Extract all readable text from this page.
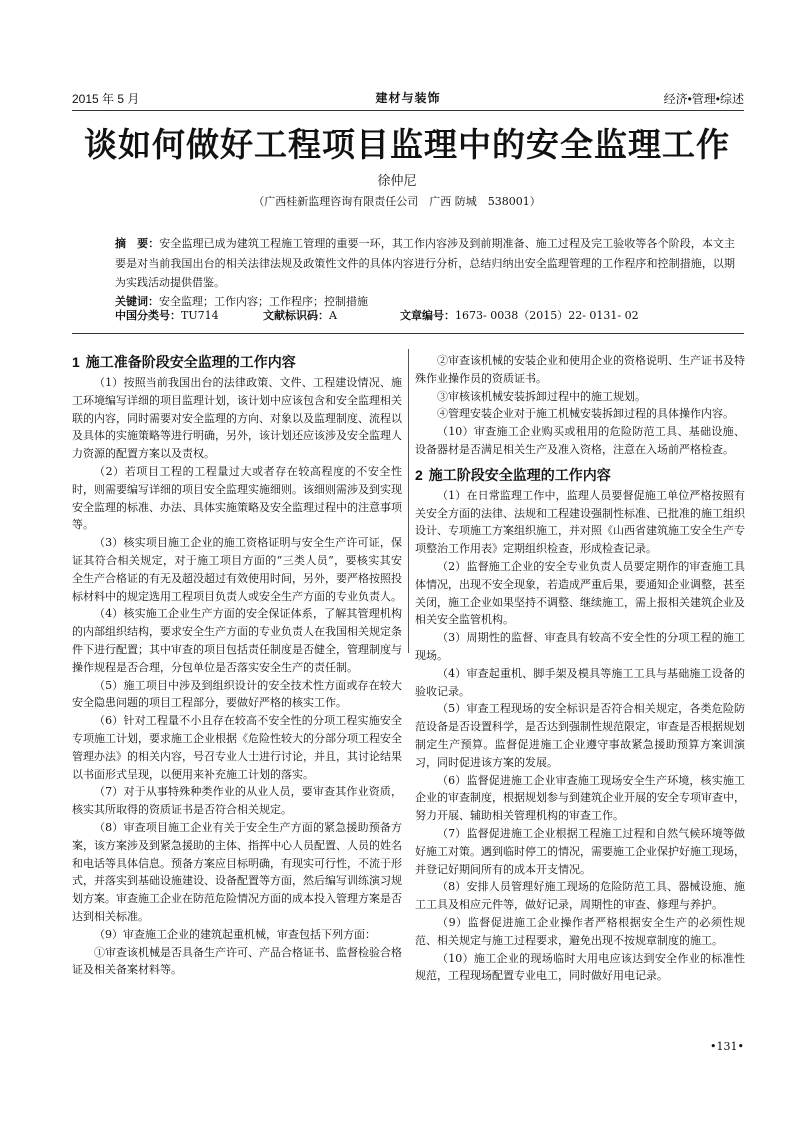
2015 年 5 月	建材与装饰	经济•管理•综述
谈如何做好工程项目监理中的安全监理工作
徐仲尼
（广西桂新监理咨询有限责任公司　广西 防城　538001）
摘　要：安全监理已成为建筑工程施工管理的重要一环，其工作内容涉及到前期准备、施工过程及完工验收等各个阶段，本文主要是对当前我国出台的相关法律法规及政策性文件的具体内容进行分析，总结归纳出安全监理管理的工作程序和控制措施，以期为实践活动提供借鉴。
关键词：安全监理；工作内容；工作程序；控制措施
中国分类号：TU714	文献标识码：A	文章编号：1673- 0038（2015）22- 0131- 02
1 施工准备阶段安全监理的工作内容

（1）按照当前我国出台的法律政策、文件、工程建设情况、施工环境编写详细的项目监理计划，该计划中应该包含和安全监理相关联的内容，同时需要对安全监理的方向、对象以及监理制度、流程以及具体的实施策略等进行明确，另外，该计划还应该涉及安全监理人力资源的配置方案以及责权。

（2）若项目工程的工程量过大或者存在较高程度的不安全性时，则需要编写详细的项目安全监理实施细则。该细则需涉及到实现安全监理的标准、办法、具体实施策略及安全监理过程中的注意事项等。

（3）核实项目施工企业的施工资格证明与安全生产许可证，保证其符合相关规定，对于施工项目方面的“三类人员”，要核实其安全生产合格证的有无及超没超过有效使用时间，另外，要严格按照投标材料中的规定选用工程项目负责人或安全生产方面的专业负责人。

（4）核实施工企业生产方面的安全保证体系，了解其管理机构的内部组织结构，要求安全生产方面的专业负责人在我国相关规定条件下进行配置；其中审查的项目包括责任制度是否健全，管理制度与操作规程是否合理，分包单位是否落实安全生产的责任制。

（5）施工项目中涉及到组织设计的安全技术性方面或存在较大安全隐患问题的项目工程部分，要做好严格的核实工作。

（6）针对工程量不小且存在较高不安全性的分项工程实施安全专项施工计划，要求施工企业根据《危险性较大的分部分项工程安全管理办法》的相关内容，号召专业人士进行讨论，并且，其讨论结果以书面形式呈现，以便用来补充施工计划的落实。

（7）对于从事特殊种类作业的从业人员，要审查其作业资质，核实其所取得的资质证书是否符合相关规定。

（8）审查项目施工企业有关于安全生产方面的紧急援助预备方案，该方案涉及到紧急援助的主体、指挥中心人员配置、人员的姓名和电话等具体信息。预备方案应目标明确，有现实可行性，不流于形式，并落实到基础设施建设、设备配置等方面，然后编写训练演习规划方案。审查施工企业在防范危险情况方面的成本投入管理方案是否达到相关标准。

（9）审查施工企业的建筑起重机械，审查包括下列方面：

①审查该机械是否具备生产许可、产品合格证书、监督检验合格证及相关备案材料等。

②审查该机械的安装企业和使用企业的资格说明、生产证书及特殊作业操作员的资质证书。

③审核该机械安装拆卸过程中的施工规划。

④管理安装企业对于施工机械安装拆卸过程的具体操作内容。

（10）审查施工企业购买或租用的危险防范工具、基础设施、设备器材是否满足相关生产及准入资格，注意在入场前严格检查。

2 施工阶段安全监理的工作内容

（1）在日常监理工作中，监理人员要督促施工单位严格按照有关安全方面的法律、法规和工程建设强制性标准、已批准的施工组织设计、专项施工方案组织施工，并对照《山西省建筑施工安全生产专项整治工作用表》定期组织检查，形成检查记录。

（2）监督施工企业的安全专业负责人员要定期作的审查施工具体情况，出现不安全现象，若造成严重后果，要通知企业调整，甚至关闭，施工企业如果坚持不调整、继续施工，需上报相关建筑企业及相关安全监管机构。

（3）周期性的监督、审查具有较高不安全性的分项工程的施工现场。

（4）审查起重机、脚手架及模具等施工工具与基础施工设备的验收记录。

（5）审查工程现场的安全标识是否符合相关规定，各类危险防范设备是否设置科学，是否达到强制性规范限定，审查是否根据规划制定生产预算。监督促进施工企业遵守事故紧急援助预算方案训演习，同时促进该方案的发展。

（6）监督促进施工企业审查施工现场安全生产环境，核实施工企业的审查制度，根据规划参与到建筑企业开展的安全专项审查中，努力开展、辅助相关管理机构的审查工作。

（7）监督促进施工企业根据工程施工过程和自然气候环境等做好施工对策。遇到临时停工的情况，需要施工企业保护好施工现场，并登记好期间所有的成本开支情况。

（8）安排人员管理好施工现场的危险防范工具、器械设施、施工工具及相应元件等，做好记录，周期性的审查、修理与养护。

（9）监督促进施工企业操作者严格根据安全生产的必须性规范、相关规定与施工过程要求，避免出现不按规章制度的施工。

（10）施工企业的现场临时大用电应该达到安全作业的标准性规范，工程现场配置专业电工，同时做好用电记录。

•131•
